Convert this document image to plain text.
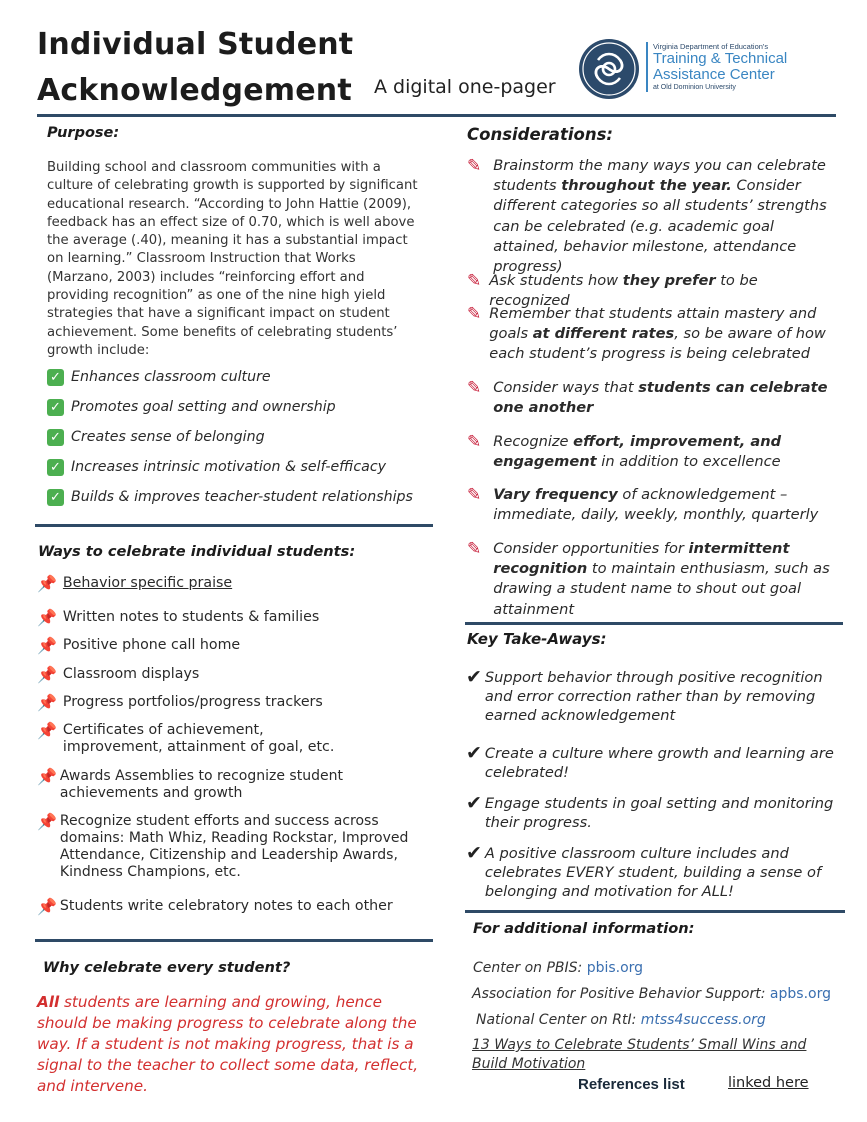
Individual Student
Acknowledgement A digital one-pager
Virginia Department of Education's
Training & Technical
Assistance Center
at Old Dominion University
Purpose:
Building school and classroom communities with a culture of celebrating growth is supported by significant educational research. “According to John Hattie (2009), feedback has an effect size of 0.70, which is well above the average (.40), meaning it has a substantial impact on learning.” Classroom Instruction that Works (Marzano, 2003) includes “reinforcing effort and providing recognition” as one of the nine high yield strategies that have a significant impact on student achievement. Some benefits of celebrating students’ growth include:
✓ Enhances classroom culture
✓ Promotes goal setting and ownership
✓ Creates sense of belonging
✓ Increases intrinsic motivation & self-efficacy
✓ Builds & improves teacher-student relationships
Ways to celebrate individual students:
📌 Behavior specific praise
📌 Written notes to students & families
📌 Positive phone call home
📌 Classroom displays
📌 Progress portfolios/progress trackers
📌 Certificates of achievement, improvement, attainment of goal, etc.
📌 Awards Assemblies to recognize student achievements and growth
📌 Recognize student efforts and success across domains: Math Whiz, Reading Rockstar, Improved Attendance, Citizenship and Leadership Awards, Kindness Champions, etc.
📌 Students write celebratory notes to each other
Why celebrate every student?
All students are learning and growing, hence should be making progress to celebrate along the way. If a student is not making progress, that is a signal to the teacher to collect some data, reflect, and intervene.
Considerations:
✎ Brainstorm the many ways you can celebrate students throughout the year. Consider different categories so all students’ strengths can be celebrated (e.g. academic goal attained, behavior milestone, attendance progress)
✎ Ask students how they prefer to be recognized
✎ Remember that students attain mastery and goals at different rates, so be aware of how each student’s progress is being celebrated
✎ Consider ways that students can celebrate one another
✎ Recognize effort, improvement, and engagement in addition to excellence
✎ Vary frequency of acknowledgement – immediate, daily, weekly, monthly, quarterly
✎ Consider opportunities for intermittent recognition to maintain enthusiasm, such as drawing a student name to shout out goal attainment
Key Take-Aways:
✔ Support behavior through positive recognition and error correction rather than by removing earned acknowledgement
✔ Create a culture where growth and learning are celebrated!
✔ Engage students in goal setting and monitoring their progress.
✔ A positive classroom culture includes and celebrates EVERY student, building a sense of belonging and motivation for ALL!
For additional information:
Center on PBIS: pbis.org
Association for Positive Behavior Support: apbs.org
National Center on RtI: mtss4success.org
13 Ways to Celebrate Students’ Small Wins and Build Motivation
References list	linked here
